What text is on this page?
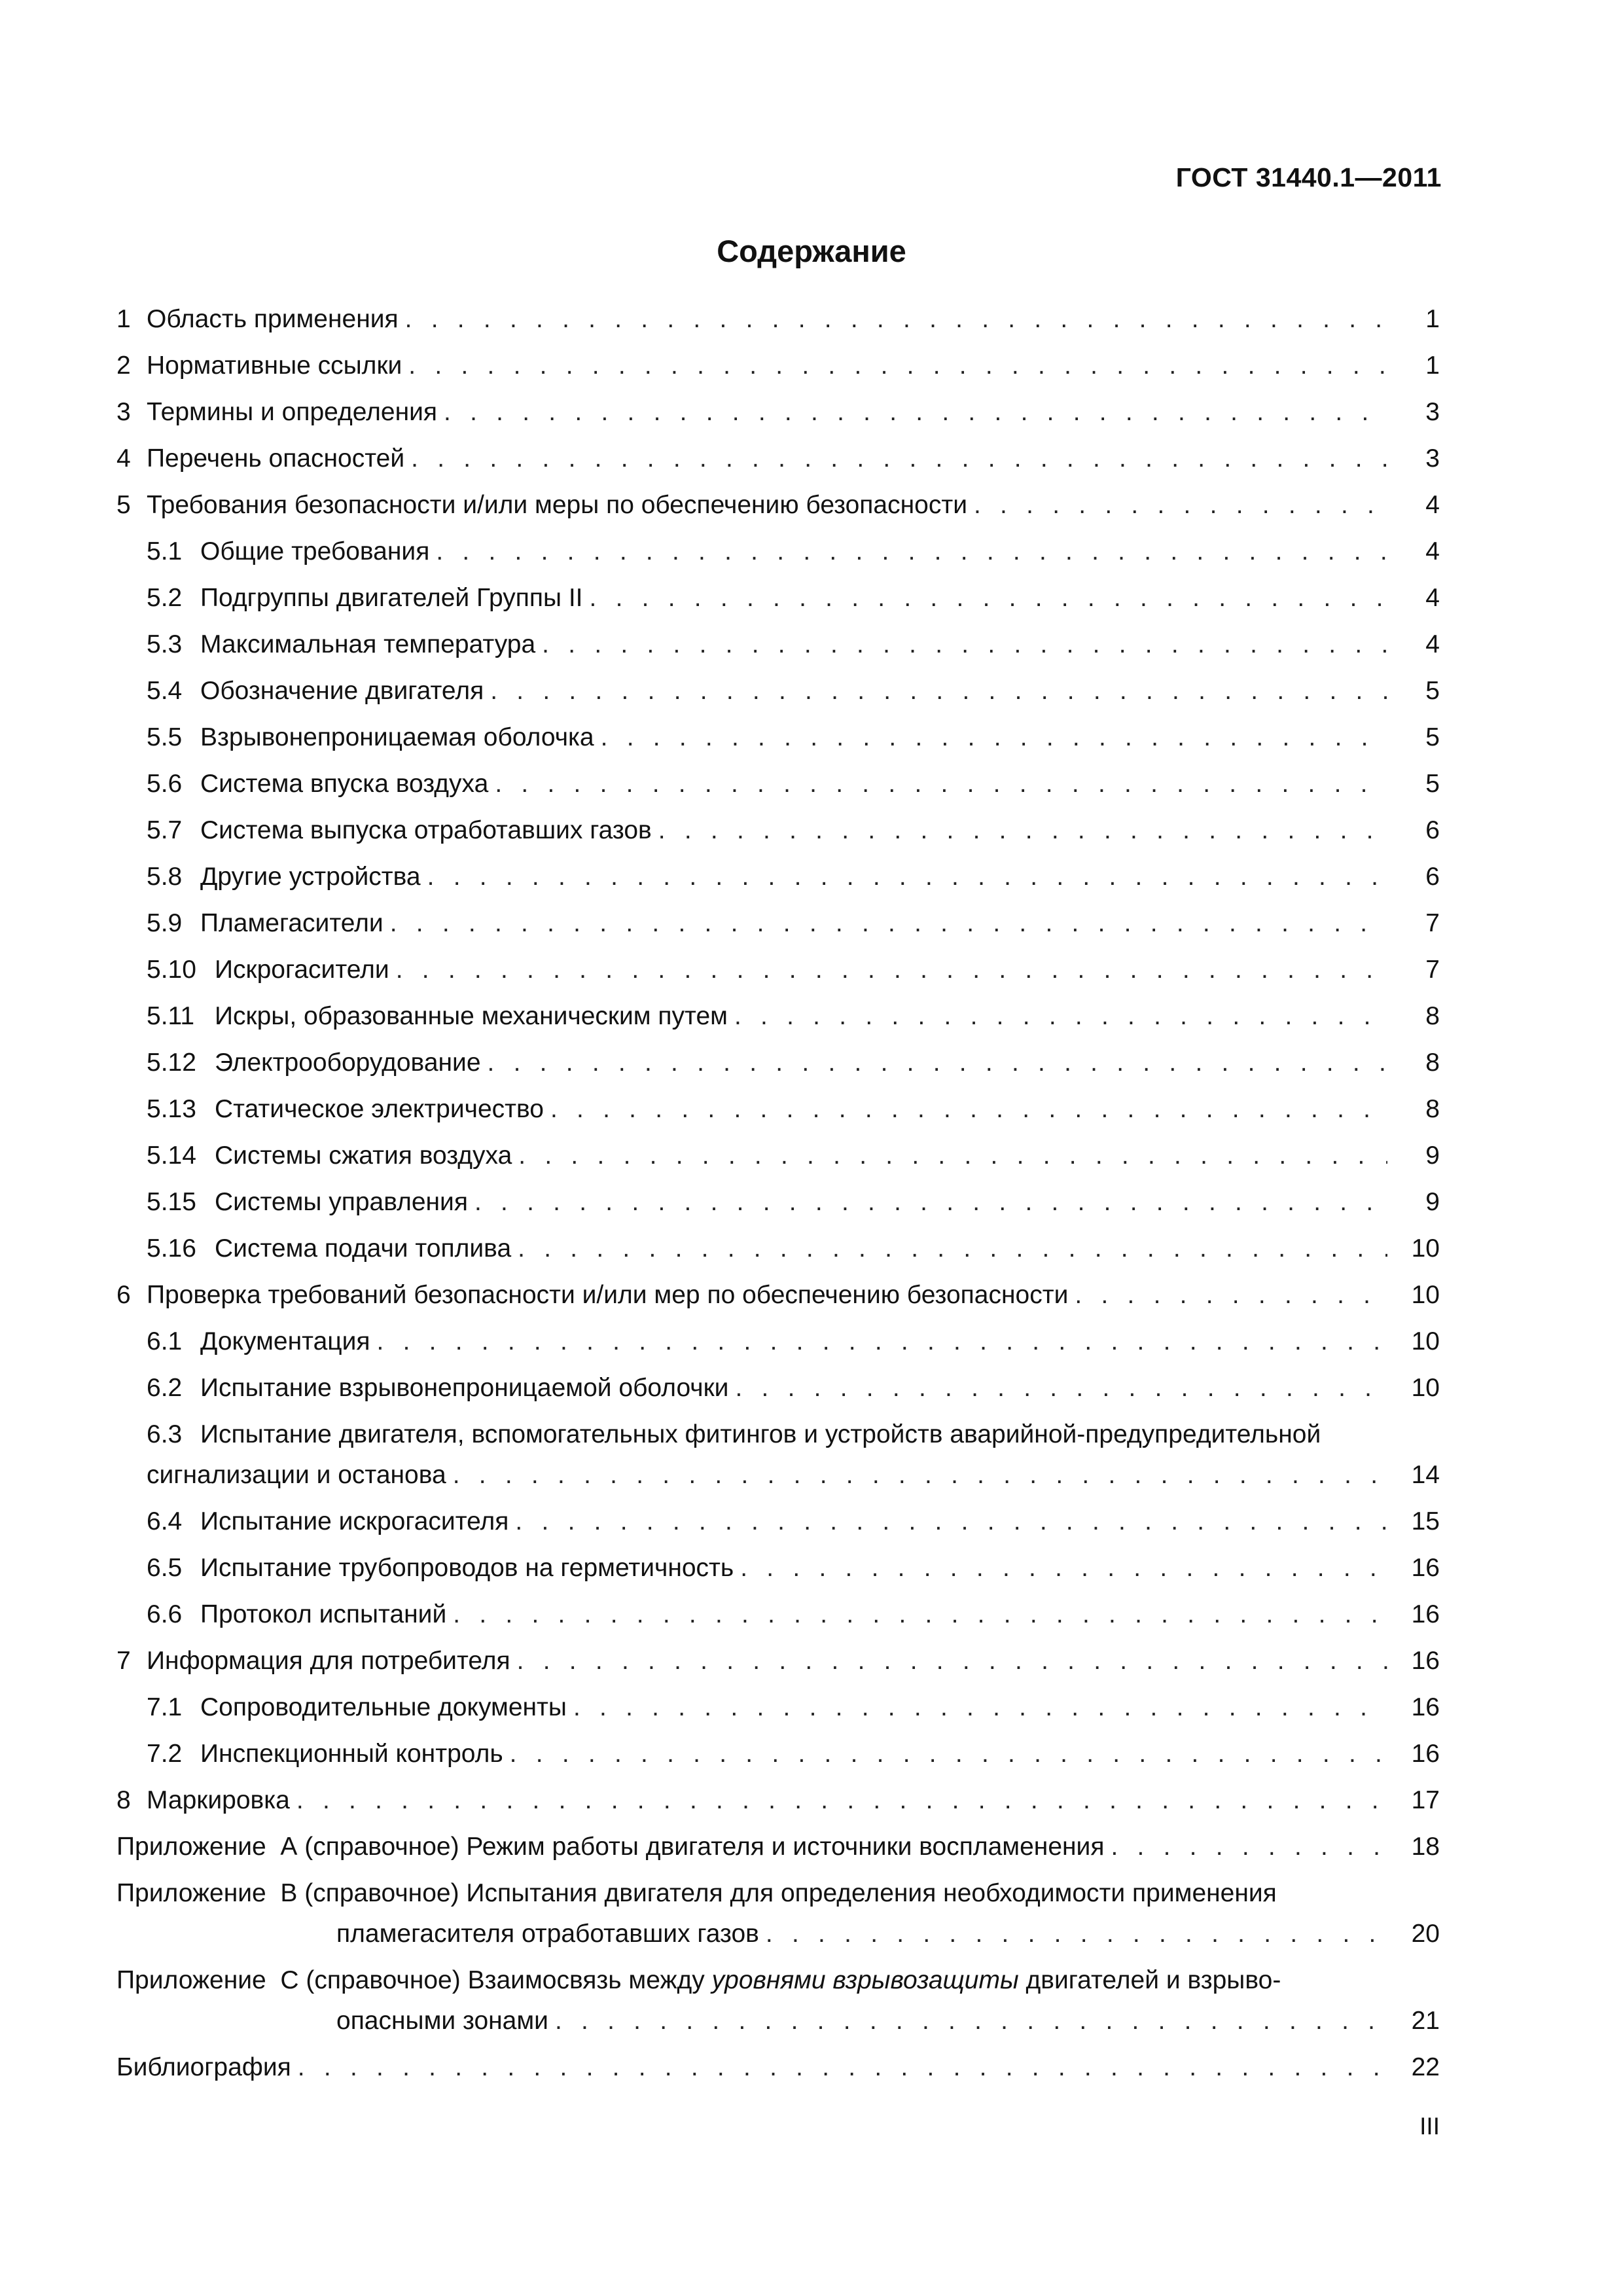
ГОСТ 31440.1—2011
Содержание
1 Область применения . . .	1
2 Нормативные ссылки . . .	1
3 Термины и определения . . .	3
4 Перечень опасностей . . .	3
5 Требования безопасности и/или меры по обеспечению безопасности . . .	4
5.1 Общие требования . . .	4
5.2 Подгруппы двигателей Группы II . . .	4
5.3 Максимальная температура . . .	4
5.4 Обозначение двигателя . . .	5
5.5 Взрывонепроницаемая оболочка . . .	5
5.6 Система впуска воздуха . . .	5
5.7 Система выпуска отработавших газов . . .	6
5.8 Другие устройства . . .	6
5.9 Пламегасители . . .	7
5.10 Искрогасители . . .	7
5.11 Искры, образованные механическим путем . . .	8
5.12 Электрооборудование . . .	8
5.13 Статическое электричество . . .	8
5.14 Системы сжатия воздуха . . .	9
5.15 Системы управления . . .	9
5.16 Система подачи топлива . . .	10
6 Проверка требований безопасности и/или мер по обеспечению безопасности . . .	10
6.1 Документация . . .	10
6.2 Испытание взрывонепроницаемой оболочки . . .	10
6.3 Испытание двигателя, вспомогательных фитингов и устройств аварийной-предупредительной
сигнализации и останова . . .	14
6.4 Испытание искрогасителя . . .	15
6.5 Испытание трубопроводов на герметичность . . .	16
6.6 Протокол испытаний . . .	16
7 Информация для потребителя . . .	16
7.1 Сопроводительные документы . . .	16
7.2 Инспекционный контроль . . .	16
8 Маркировка . . .	17
Приложение  А (справочное) Режим работы двигателя и источники воспламенения . . .	18
Приложение  В (справочное) Испытания двигателя для определения необходимости применения
пламегасителя отработавших газов . . .	20
Приложение  С (справочное) Взаимосвязь между уровнями взрывозащиты двигателей и взрыво-
опасными зонами . . .	21
Библиография . . .	22
III
